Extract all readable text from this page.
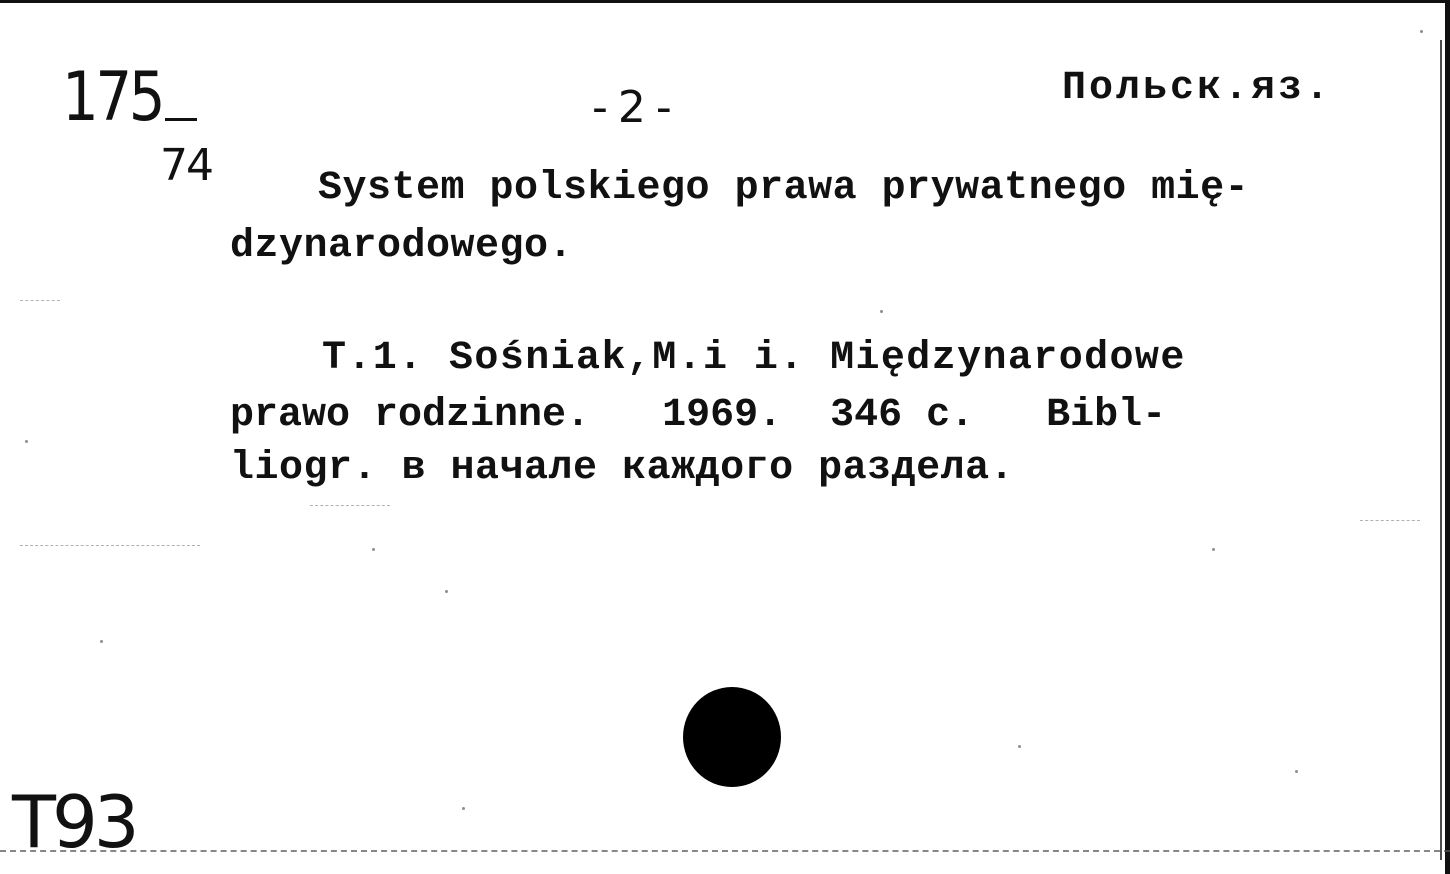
175
74
-2-	Польск.яз.
System polskiego prawa prywatnego mię-
dzynarodowego.
T.1. Sośniak,M.i i. Międzynarodowe
prawo rodzinne.   1969.  346 с.   Bibl-
liogr. в начале каждого раздела.
T93
